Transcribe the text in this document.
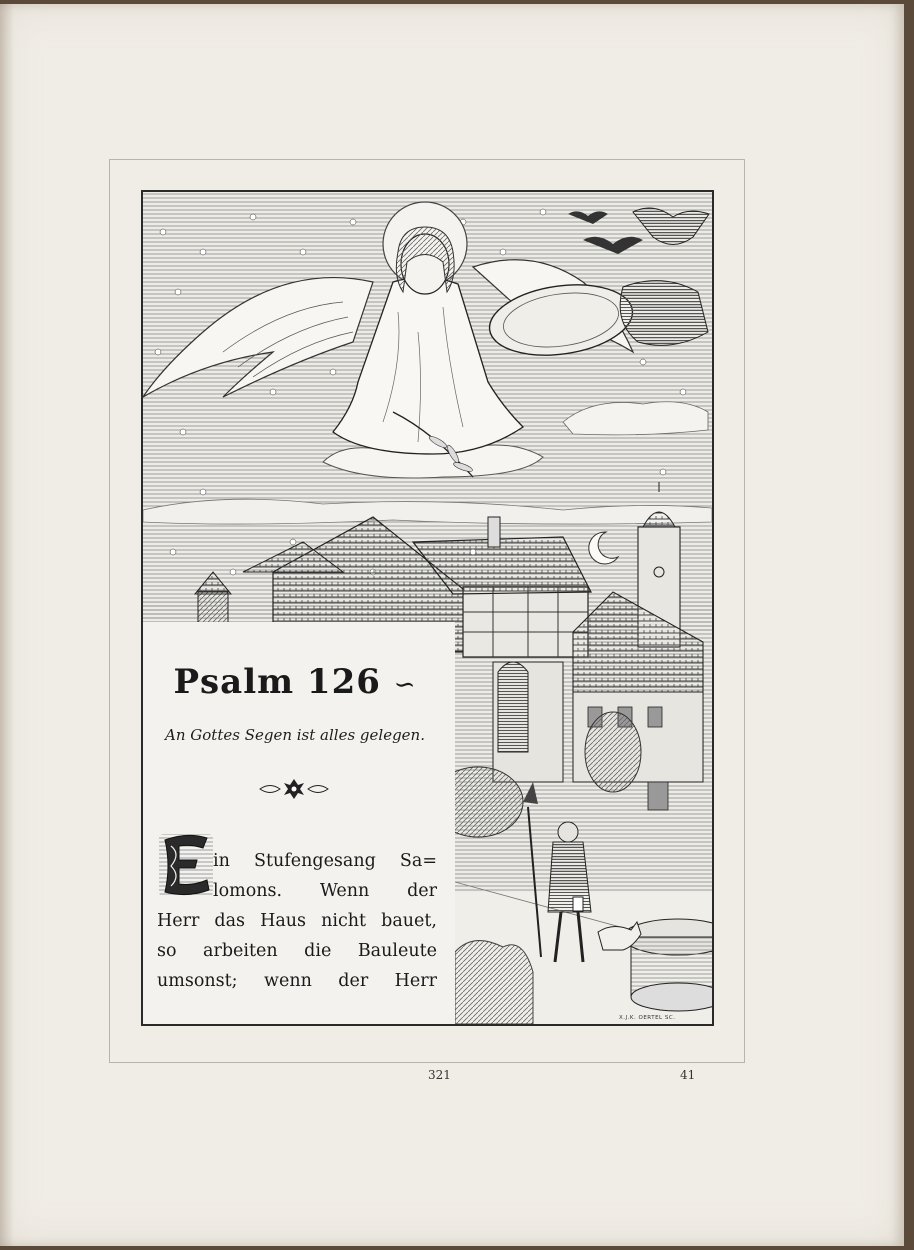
Psalm 126 ∽
An Gottes Segen ist alles gelegen.
in Stufengesang Sa=
lomons. Wenn der
Herr das Haus nicht bauet,
so arbeiten die Bauleute
umsonst; wenn der Herr
X.J.K. OERTEL SC.
321	41
